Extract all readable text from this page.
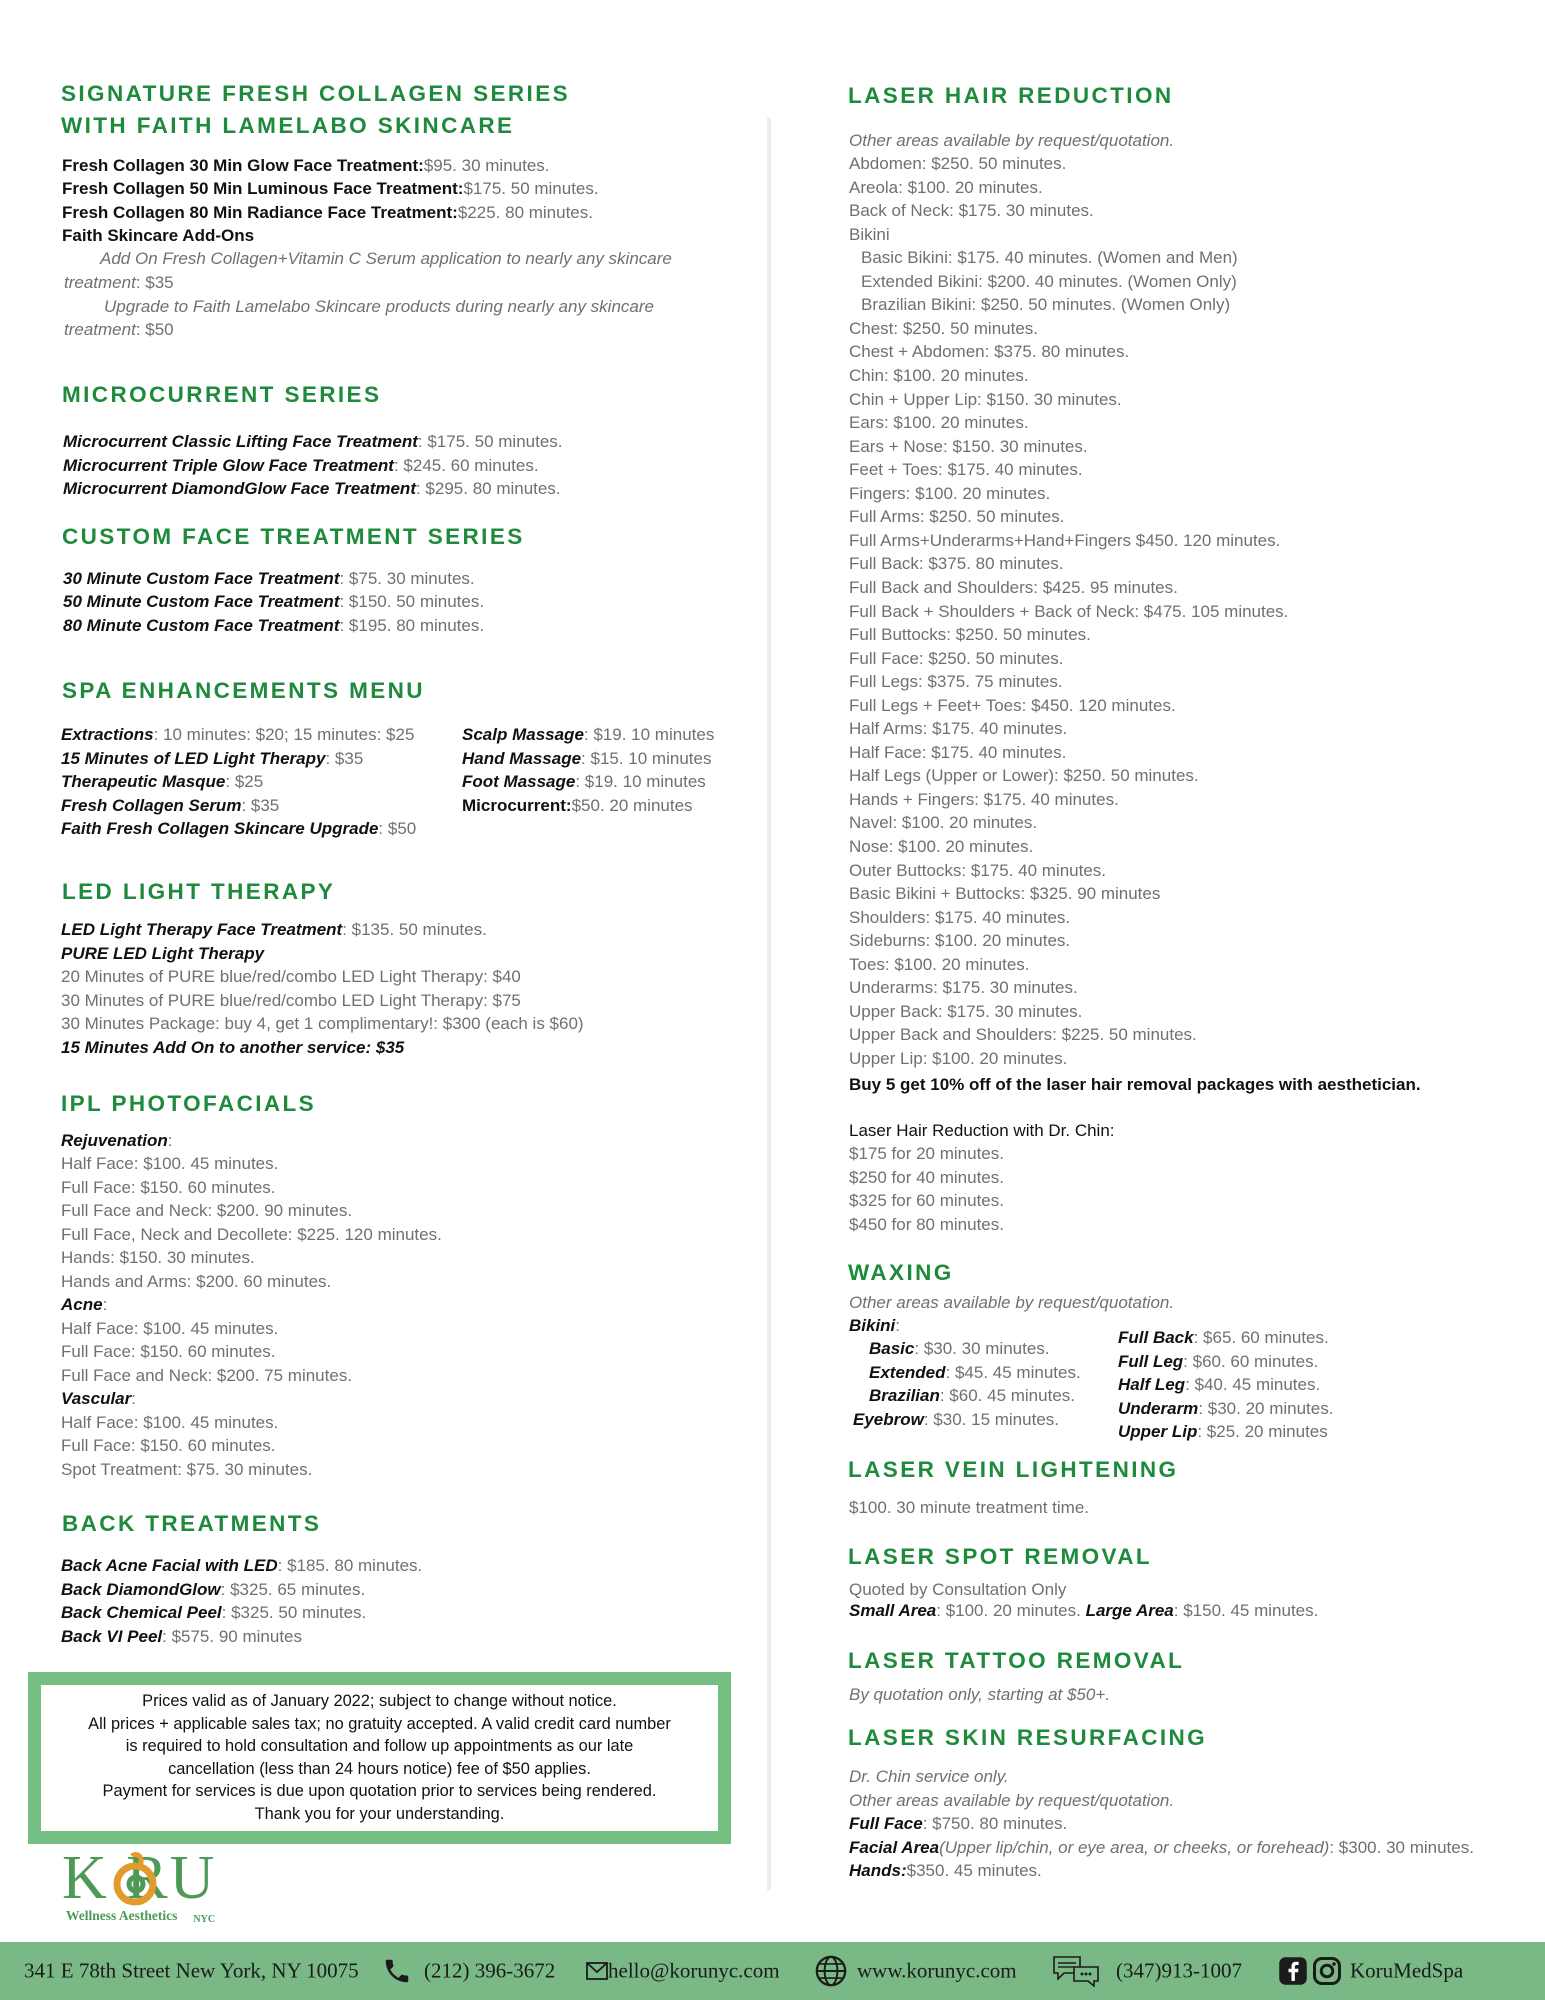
SIGNATURE FRESH COLLAGEN SERIES
WITH FAITH LAMELABO SKINCARE
Fresh Collagen 30 Min Glow Face Treatment:$95. 30 minutes.
Fresh Collagen 50 Min Luminous Face Treatment:$175. 50 minutes.
Fresh Collagen 80 Min Radiance Face Treatment:$225. 80 minutes.
Faith Skincare Add-Ons
Add On Fresh Collagen+Vitamin C Serum application to nearly any skincare
treatment: $35
Upgrade to Faith Lamelabo Skincare products during nearly any skincare
treatment: $50
MICROCURRENT SERIES
Microcurrent Classic Lifting Face Treatment: $175. 50 minutes.
Microcurrent Triple Glow Face Treatment: $245. 60 minutes.
Microcurrent DiamondGlow Face Treatment: $295. 80 minutes.
CUSTOM FACE TREATMENT SERIES
30 Minute Custom Face Treatment: $75. 30 minutes.
50 Minute Custom Face Treatment: $150. 50 minutes.
80 Minute Custom Face Treatment: $195. 80 minutes.
SPA ENHANCEMENTS MENU
Extractions: 10 minutes: $20; 15 minutes: $25
15 Minutes of LED Light Therapy: $35
Therapeutic Masque: $25
Fresh Collagen Serum: $35
Faith Fresh Collagen Skincare Upgrade: $50
Scalp Massage: $19. 10 minutes
Hand Massage: $15. 10 minutes
Foot Massage: $19. 10 minutes
Microcurrent:$50. 20 minutes
LED LIGHT THERAPY
LED Light Therapy Face Treatment: $135. 50 minutes.
PURE LED Light Therapy
20 Minutes of PURE blue/red/combo LED Light Therapy: $40
30 Minutes of PURE blue/red/combo LED Light Therapy: $75
30 Minutes Package: buy 4, get 1 complimentary!: $300 (each is $60)
15 Minutes Add On to another service: $35
IPL PHOTOFACIALS
Rejuvenation:
Half Face: $100. 45 minutes.
Full Face: $150. 60 minutes.
Full Face and Neck: $200. 90 minutes.
Full Face, Neck and Decollete: $225. 120 minutes.
Hands: $150. 30 minutes.
Hands and Arms: $200. 60 minutes.
Acne:
Half Face: $100. 45 minutes.
Full Face: $150. 60 minutes.
Full Face and Neck: $200. 75 minutes.
Vascular:
Half Face: $100. 45 minutes.
Full Face: $150. 60 minutes.
Spot Treatment: $75. 30 minutes.
BACK TREATMENTS
Back Acne Facial with LED: $185. 80 minutes.
Back DiamondGlow: $325. 65 minutes.
Back Chemical Peel: $325. 50 minutes.
Back VI Peel: $575. 90 minutes
Prices valid as of January 2022; subject to change without notice.
All prices + applicable sales tax; no gratuity accepted. A valid credit card number
is required to hold consultation and follow up appointments as our late
cancellation (less than 24 hours notice) fee of $50 applies.
Payment for services is due upon quotation prior to services being rendered.
Thank you for your understanding.
K RU
Wellness Aesthetics NYC
LASER HAIR REDUCTION
Other areas available by request/quotation.
Abdomen: $250. 50 minutes.
Areola: $100. 20 minutes.
Back of Neck: $175. 30 minutes.
Bikini
Basic Bikini: $175. 40 minutes. (Women and Men)
Extended Bikini: $200. 40 minutes. (Women Only)
Brazilian Bikini: $250. 50 minutes. (Women Only)
Chest: $250. 50 minutes.
Chest + Abdomen: $375. 80 minutes.
Chin: $100. 20 minutes.
Chin + Upper Lip: $150. 30 minutes.
Ears: $100. 20 minutes.
Ears + Nose: $150. 30 minutes.
Feet + Toes: $175. 40 minutes.
Fingers: $100. 20 minutes.
Full Arms: $250. 50 minutes.
Full Arms+Underarms+Hand+Fingers $450. 120 minutes.
Full Back: $375. 80 minutes.
Full Back and Shoulders: $425. 95 minutes.
Full Back + Shoulders + Back of Neck: $475. 105 minutes.
Full Buttocks: $250. 50 minutes.
Full Face: $250. 50 minutes.
Full Legs: $375. 75 minutes.
Full Legs + Feet+ Toes: $450. 120 minutes.
Half Arms: $175. 40 minutes.
Half Face: $175. 40 minutes.
Half Legs (Upper or Lower): $250. 50 minutes.
Hands + Fingers: $175. 40 minutes.
Navel: $100. 20 minutes.
Nose: $100. 20 minutes.
Outer Buttocks: $175. 40 minutes.
Basic Bikini + Buttocks: $325. 90 minutes
Shoulders: $175. 40 minutes.
Sideburns: $100. 20 minutes.
Toes: $100. 20 minutes.
Underarms: $175. 30 minutes.
Upper Back: $175. 30 minutes.
Upper Back and Shoulders: $225. 50 minutes.
Upper Lip: $100. 20 minutes.
Buy 5 get 10% off of the laser hair removal packages with aesthetician.
Laser Hair Reduction with Dr. Chin:
$175 for 20 minutes.
$250 for 40 minutes.
$325 for 60 minutes.
$450 for 80 minutes.
WAXING
Other areas available by request/quotation.
Bikini:
Basic: $30. 30 minutes.
Extended: $45. 45 minutes.
Brazilian: $60. 45 minutes.
Eyebrow: $30. 15 minutes.
Full Back: $65. 60 minutes.
Full Leg: $60. 60 minutes.
Half Leg: $40. 45 minutes.
Underarm: $30. 20 minutes.
Upper Lip: $25. 20 minutes
LASER VEIN LIGHTENING
$100. 30 minute treatment time.
LASER SPOT REMOVAL
Quoted by Consultation Only
Small Area: $100. 20 minutes. Large Area: $150. 45 minutes.
LASER TATTOO REMOVAL
By quotation only, starting at $50+.
LASER SKIN RESURFACING
Dr. Chin service only.
Other areas available by request/quotation.
Full Face: $750. 80 minutes.
Facial Area(Upper lip/chin, or eye area, or cheeks, or forehead): $300. 30 minutes.
Hands:$350. 45 minutes.
341 E 78th Street New York, NY 10075	(212) 396-3672	hello@korunyc.com	www.korunyc.com	(347)913-1007	KoruMedSpa
